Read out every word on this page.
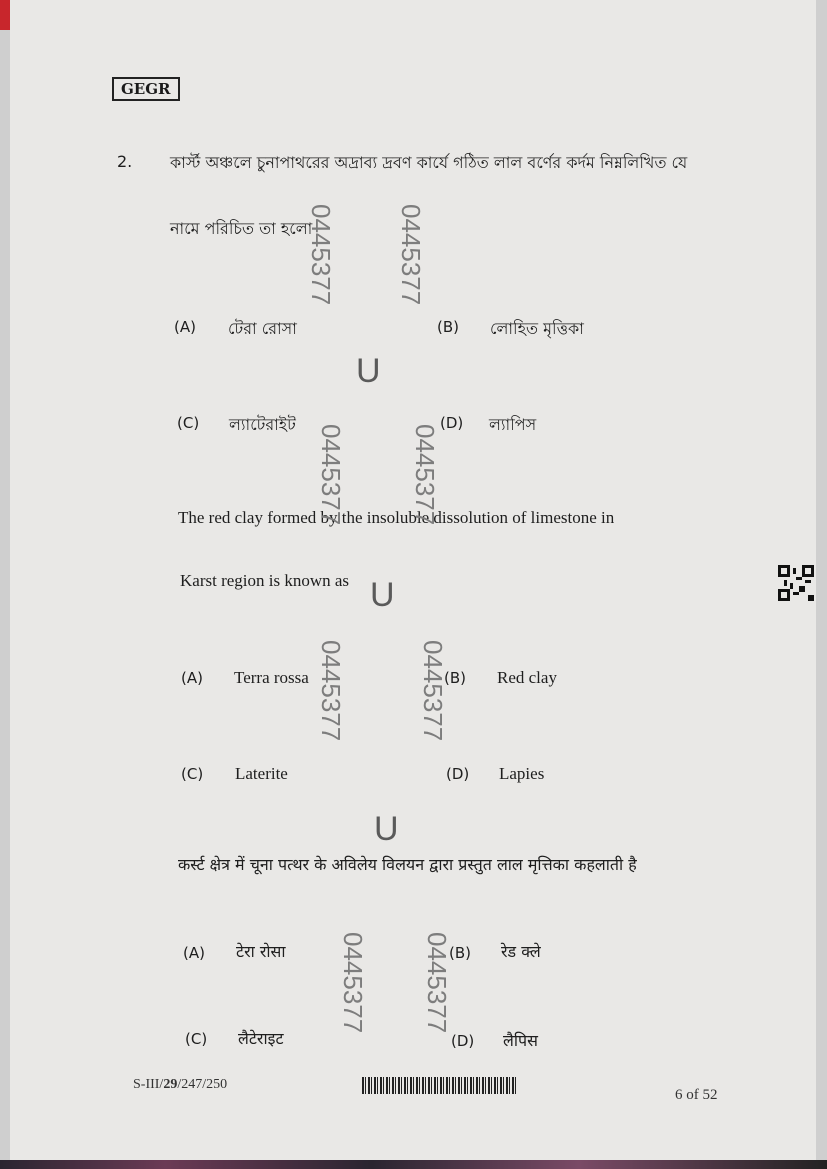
GEGR
2. কার্স্ট অঞ্চলে চুনাপাথরের অদ্রাব্য দ্রবণ কার্যে গঠিত লাল বর্ণের কর্দম নিম্নলিখিত যে
নামে পরিচিত তা হলো
(A) টেরা রোসা	(B) লোহিত মৃত্তিকা
(C) ল্যাটেরাইট	(D) ল্যাপিস
The red clay formed by the insoluble dissolution of limestone in
Karst region is known as
(A) Terra rossa	(B) Red clay
(C) Laterite	(D) Lapies
कर्स्ट क्षेत्र में चूना पत्थर के अविलेय विलयन द्वारा प्रस्तुत लाल मृत्तिका कहलाती है
(A) टेरा रोसा	(B) रेड क्ले
(C) लैटेराइट	(D) लैपिस
0445377 0445377
0445377 0445377
0445377	0445377
0445377 0445377
U
U
U
S-III/29/247/250
6 of 52
